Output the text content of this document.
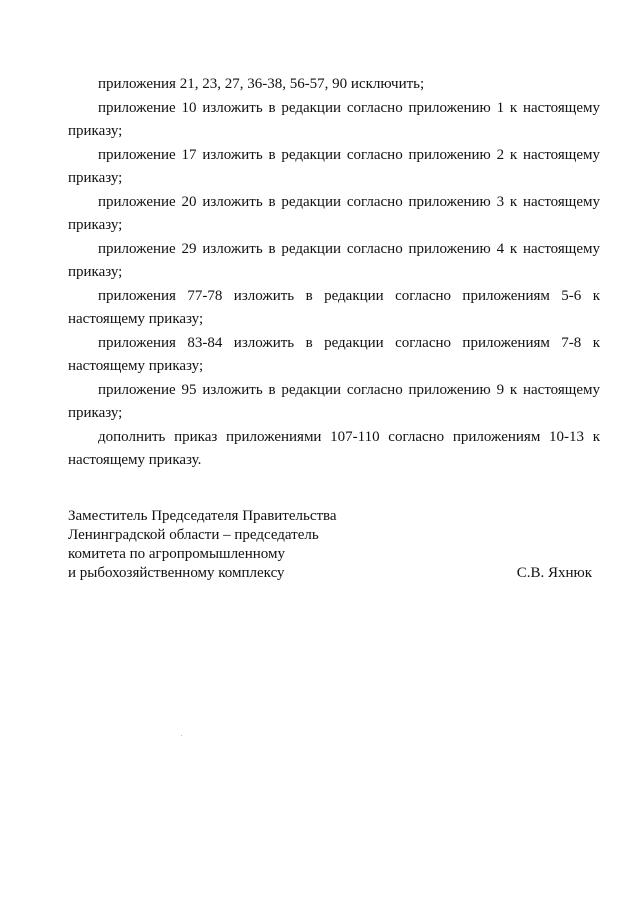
приложения 21, 23, 27, 36-38, 56-57, 90 исключить;

приложение 10 изложить в редакции согласно приложению 1 к настоящему приказу;

приложение 17 изложить в редакции согласно приложению 2 к настоящему приказу;

приложение 20 изложить в редакции согласно приложению 3 к настоящему приказу;

приложение 29 изложить в редакции согласно приложению 4 к настоящему приказу;

приложения 77-78 изложить в редакции согласно приложениям 5-6 к настоящему приказу;

приложения 83-84 изложить в редакции согласно приложениям 7-8 к настоящему приказу;

приложение 95 изложить в редакции согласно приложению 9 к настоящему приказу;

дополнить приказ приложениями 107-110 согласно приложениям 10-13 к настоящему приказу.

Заместитель Председателя Правительства
Ленинградской области – председатель
комитета по агропромышленному
и рыбохозяйственному комплексу	С.В. Яхнюк
